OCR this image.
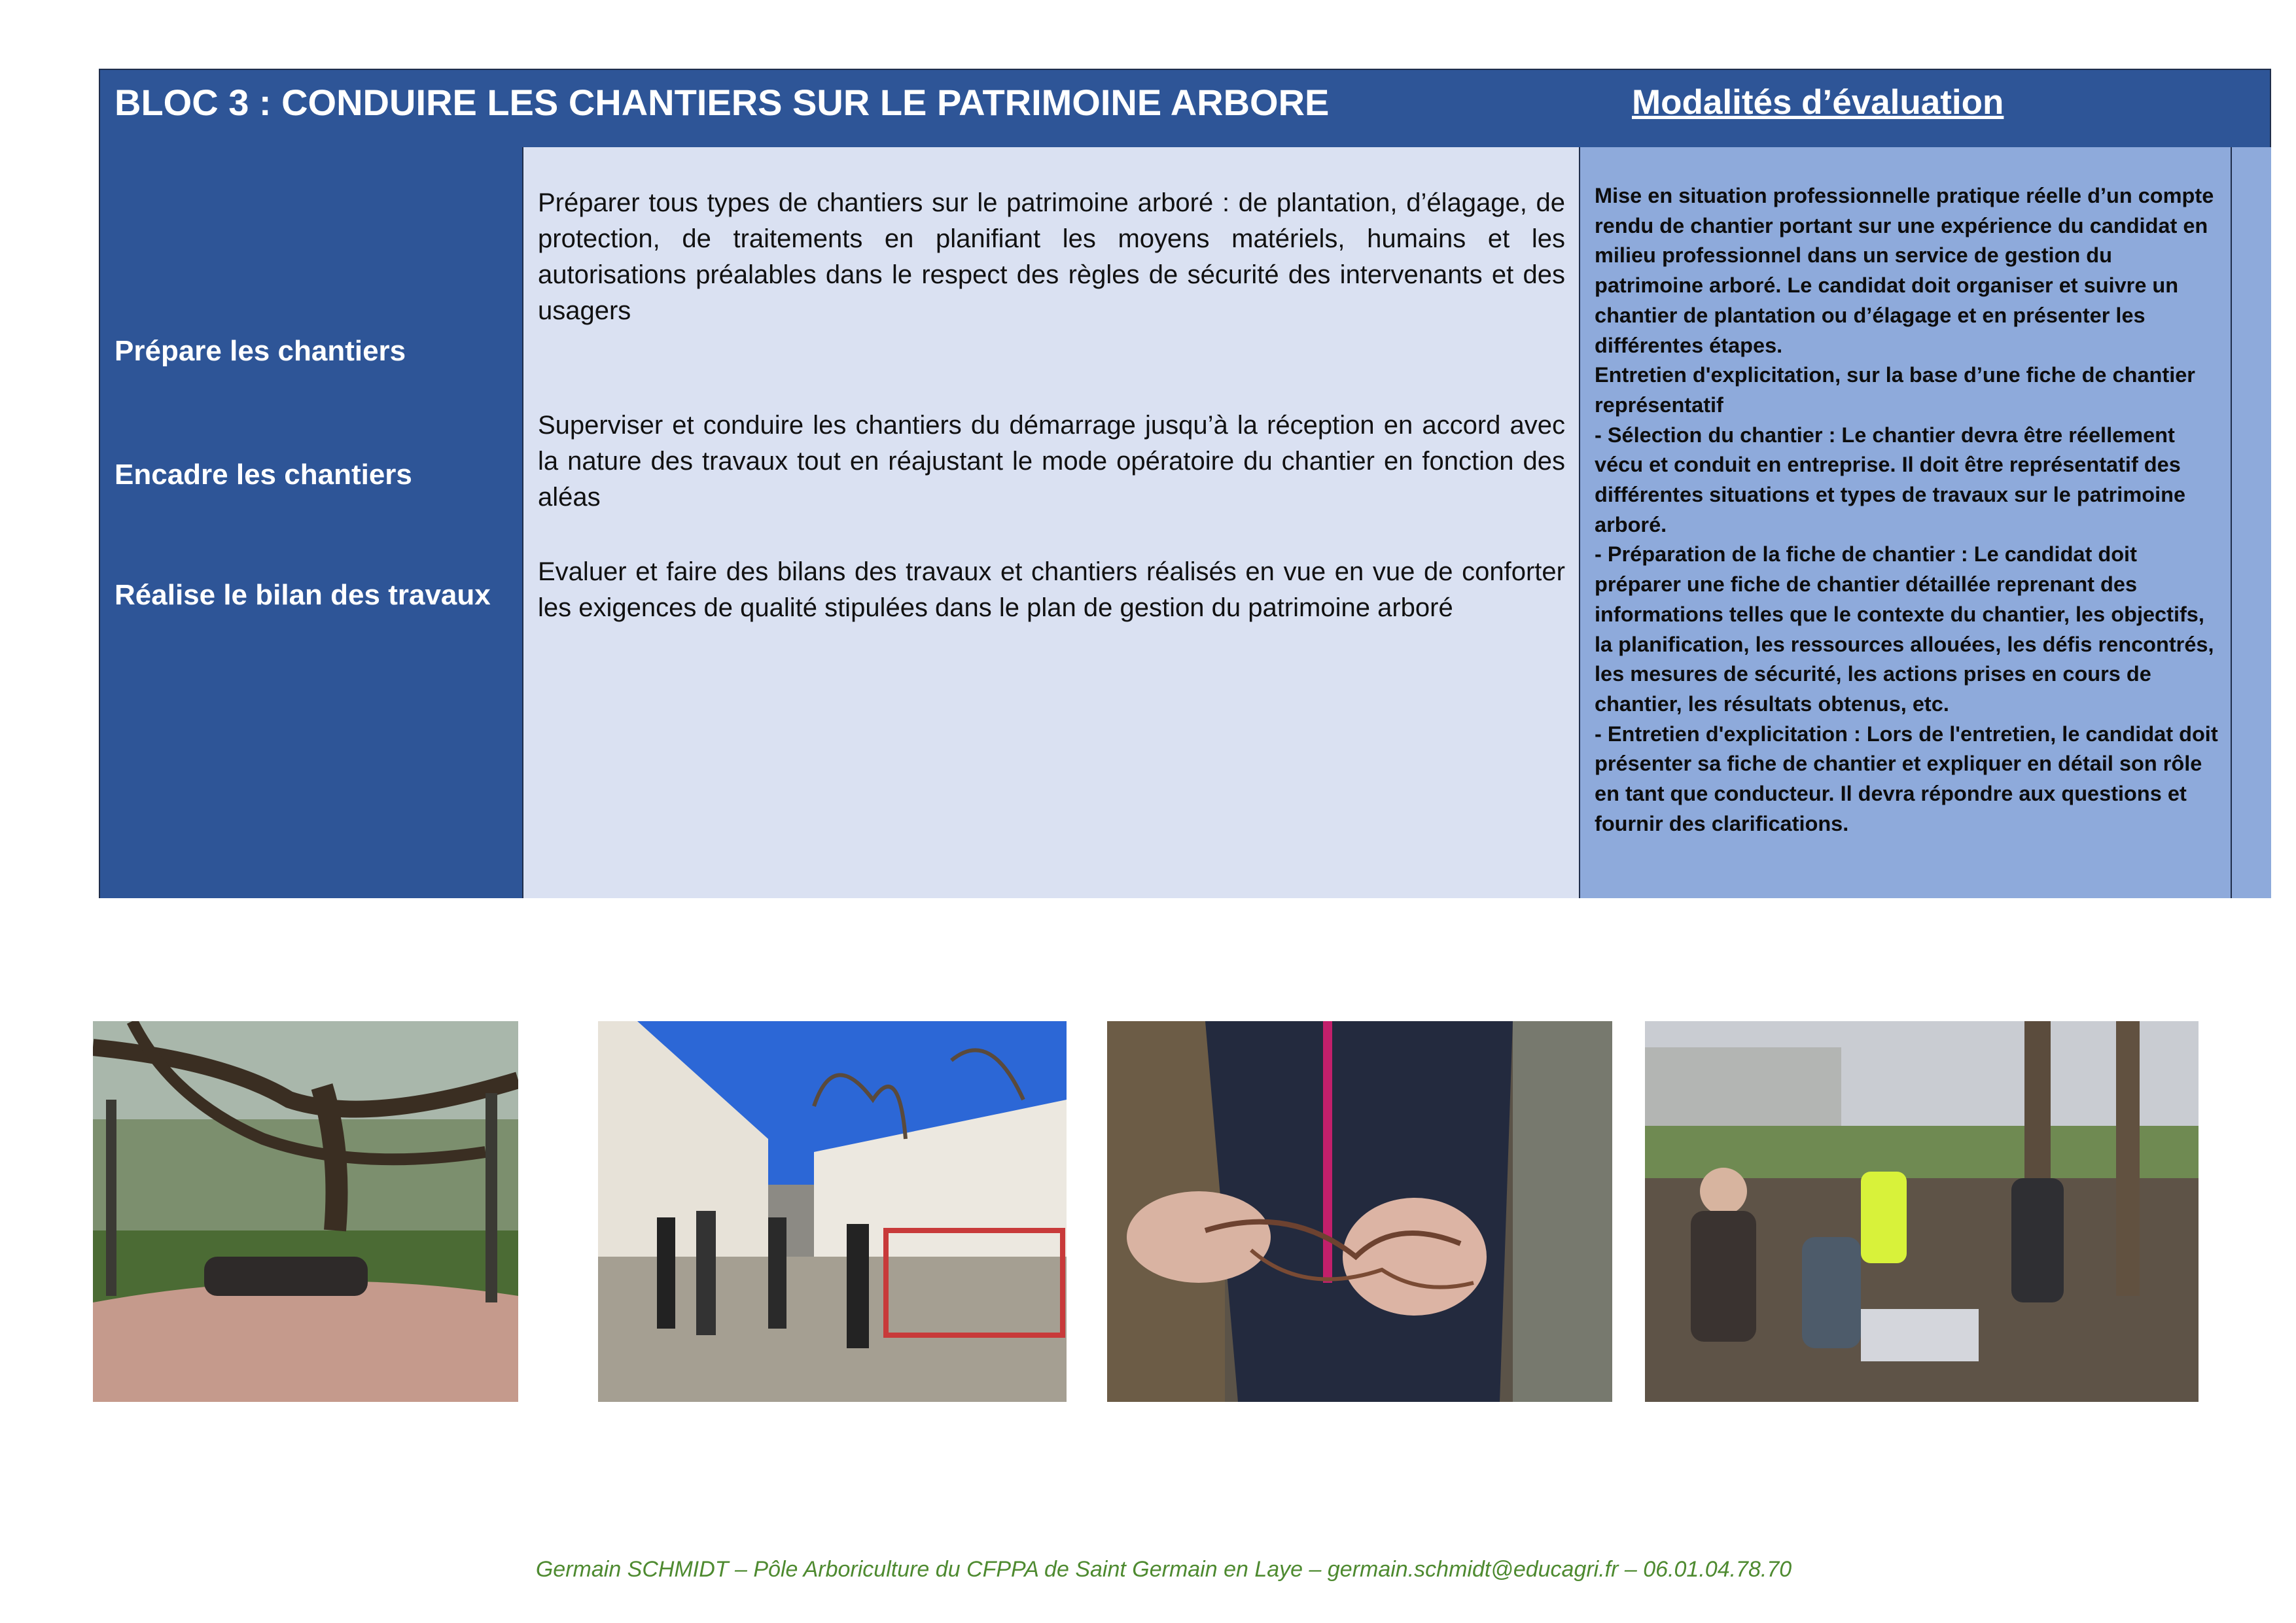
BLOC 3 : CONDUIRE LES CHANTIERS SUR LE PATRIMOINE ARBORE	Modalités d’évaluation
Prépare les chantiers
Encadre les chantiers
Réalise le bilan des travaux
Préparer tous types de chantiers sur le patrimoine arboré : de plantation, d’élagage, de protection, de traitements en planifiant les moyens matériels, humains et les autorisations préalables dans le respect des règles de sécurité des intervenants et des usagers
Superviser et conduire les chantiers du démarrage jusqu’à la réception en accord avec la nature des travaux tout en réajustant le mode opératoire du chantier en fonction des aléas
Evaluer et faire des bilans des travaux et chantiers réalisés en vue en vue de conforter les exigences de qualité stipulées dans le plan de gestion du patrimoine arboré

Mise en situation professionnelle pratique réelle d’un compte rendu de chantier portant sur une expérience du candidat en milieu professionnel dans un service de gestion du patrimoine arboré. Le candidat doit organiser et suivre un chantier de plantation ou d’élagage et en présenter les différentes étapes.

Entretien d'explicitation, sur la base d’une fiche de chantier représentatif

- Sélection du chantier : Le chantier devra être réellement vécu et conduit en entreprise. Il doit être représentatif des différentes situations et types de travaux sur le patrimoine arboré.

- Préparation de la fiche de chantier : Le candidat doit préparer une fiche de chantier détaillée reprenant des informations telles que le contexte du chantier, les objectifs, la planification, les ressources allouées, les défis rencontrés, les mesures de sécurité, les actions prises en cours de chantier, les résultats obtenus, etc.

- Entretien d'explicitation : Lors de l'entretien, le candidat doit présenter sa fiche de chantier et expliquer en détail son rôle en tant que conducteur. Il devra répondre aux questions et fournir des clarifications.

Germain SCHMIDT – Pôle Arboriculture du CFPPA de Saint Germain en Laye – germain.schmidt@educagri.fr – 06.01.04.78.70
